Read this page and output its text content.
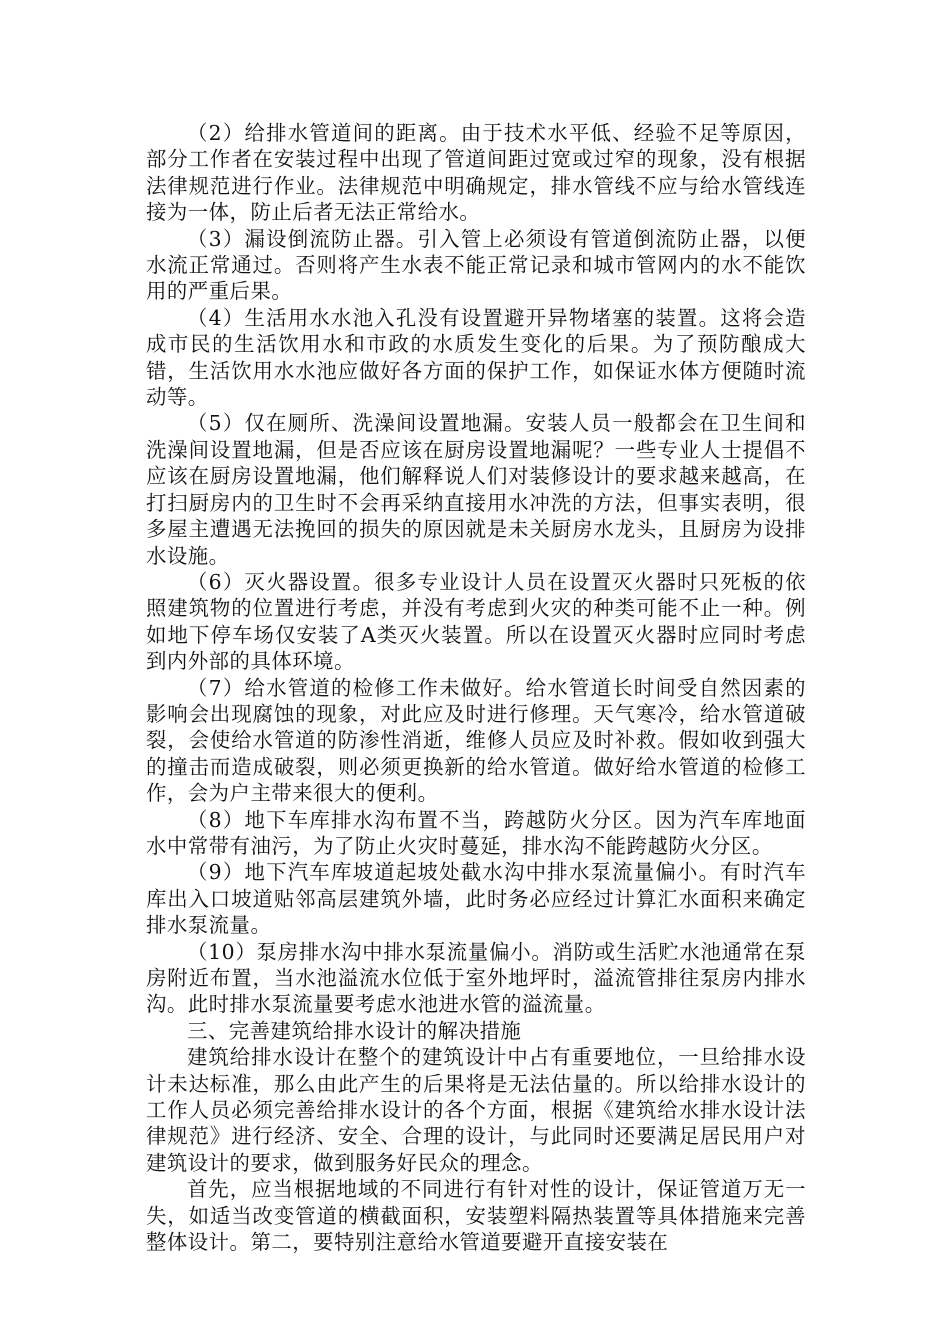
（2）给排水管道间的距离。由于技术水平低、经验不足等原因，部分工作者在安装过程中出现了管道间距过宽或过窄的现象，没有根据法律规范进行作业。法律规范中明确规定，排水管线不应与给水管线连接为一体，防止后者无法正常给水。

（3）漏设倒流防止器。引入管上必须设有管道倒流防止器，以便水流正常通过。否则将产生水表不能正常记录和城市管网内的水不能饮用的严重后果。

（4）生活用水水池入孔没有设置避开异物堵塞的装置。这将会造成市民的生活饮用水和市政的水质发生变化的后果。为了预防酿成大错，生活饮用水水池应做好各方面的保护工作，如保证水体方便随时流动等。

（5）仅在厕所、洗澡间设置地漏。安装人员一般都会在卫生间和洗澡间设置地漏，但是否应该在厨房设置地漏呢？一些专业人士提倡不应该在厨房设置地漏，他们解释说人们对装修设计的要求越来越高，在打扫厨房内的卫生时不会再采纳直接用水冲洗的方法，但事实表明，很多屋主遭遇无法挽回的损失的原因就是未关厨房水龙头，且厨房为设排水设施。

（6）灭火器设置。很多专业设计人员在设置灭火器时只死板的依照建筑物的位置进行考虑，并没有考虑到火灾的种类可能不止一种。例如地下停车场仅安装了A类灭火装置。所以在设置灭火器时应同时考虑到内外部的具体环境。

（7）给水管道的检修工作未做好。给水管道长时间受自然因素的影响会出现腐蚀的现象，对此应及时进行修理。天气寒冷，给水管道破裂，会使给水管道的防渗性消逝，维修人员应及时补救。假如收到强大的撞击而造成破裂，则必须更换新的给水管道。做好给水管道的检修工作，会为户主带来很大的便利。

（8）地下车库排水沟布置不当，跨越防火分区。因为汽车库地面水中常带有油污，为了防止火灾时蔓延，排水沟不能跨越防火分区。

（9）地下汽车库坡道起坡处截水沟中排水泵流量偏小。有时汽车库出入口坡道贴邻高层建筑外墙，此时务必应经过计算汇水面积来确定排水泵流量。

（10）泵房排水沟中排水泵流量偏小。消防或生活贮水池通常在泵房附近布置，当水池溢流水位低于室外地坪时，溢流管排往泵房内排水沟。此时排水泵流量要考虑水池进水管的溢流量。

三、完善建筑给排水设计的解决措施

建筑给排水设计在整个的建筑设计中占有重要地位，一旦给排水设计未达标准，那么由此产生的后果将是无法估量的。所以给排水设计的工作人员必须完善给排水设计的各个方面，根据《建筑给水排水设计法律规范》进行经济、安全、合理的设计，与此同时还要满足居民用户对建筑设计的要求，做到服务好民众的理念。

首先，应当根据地域的不同进行有针对性的设计，保证管道万无一失，如适当改变管道的横截面积，安装塑料隔热装置等具体措施来完善整体设计。第二，要特别注意给水管道要避开直接安装在
